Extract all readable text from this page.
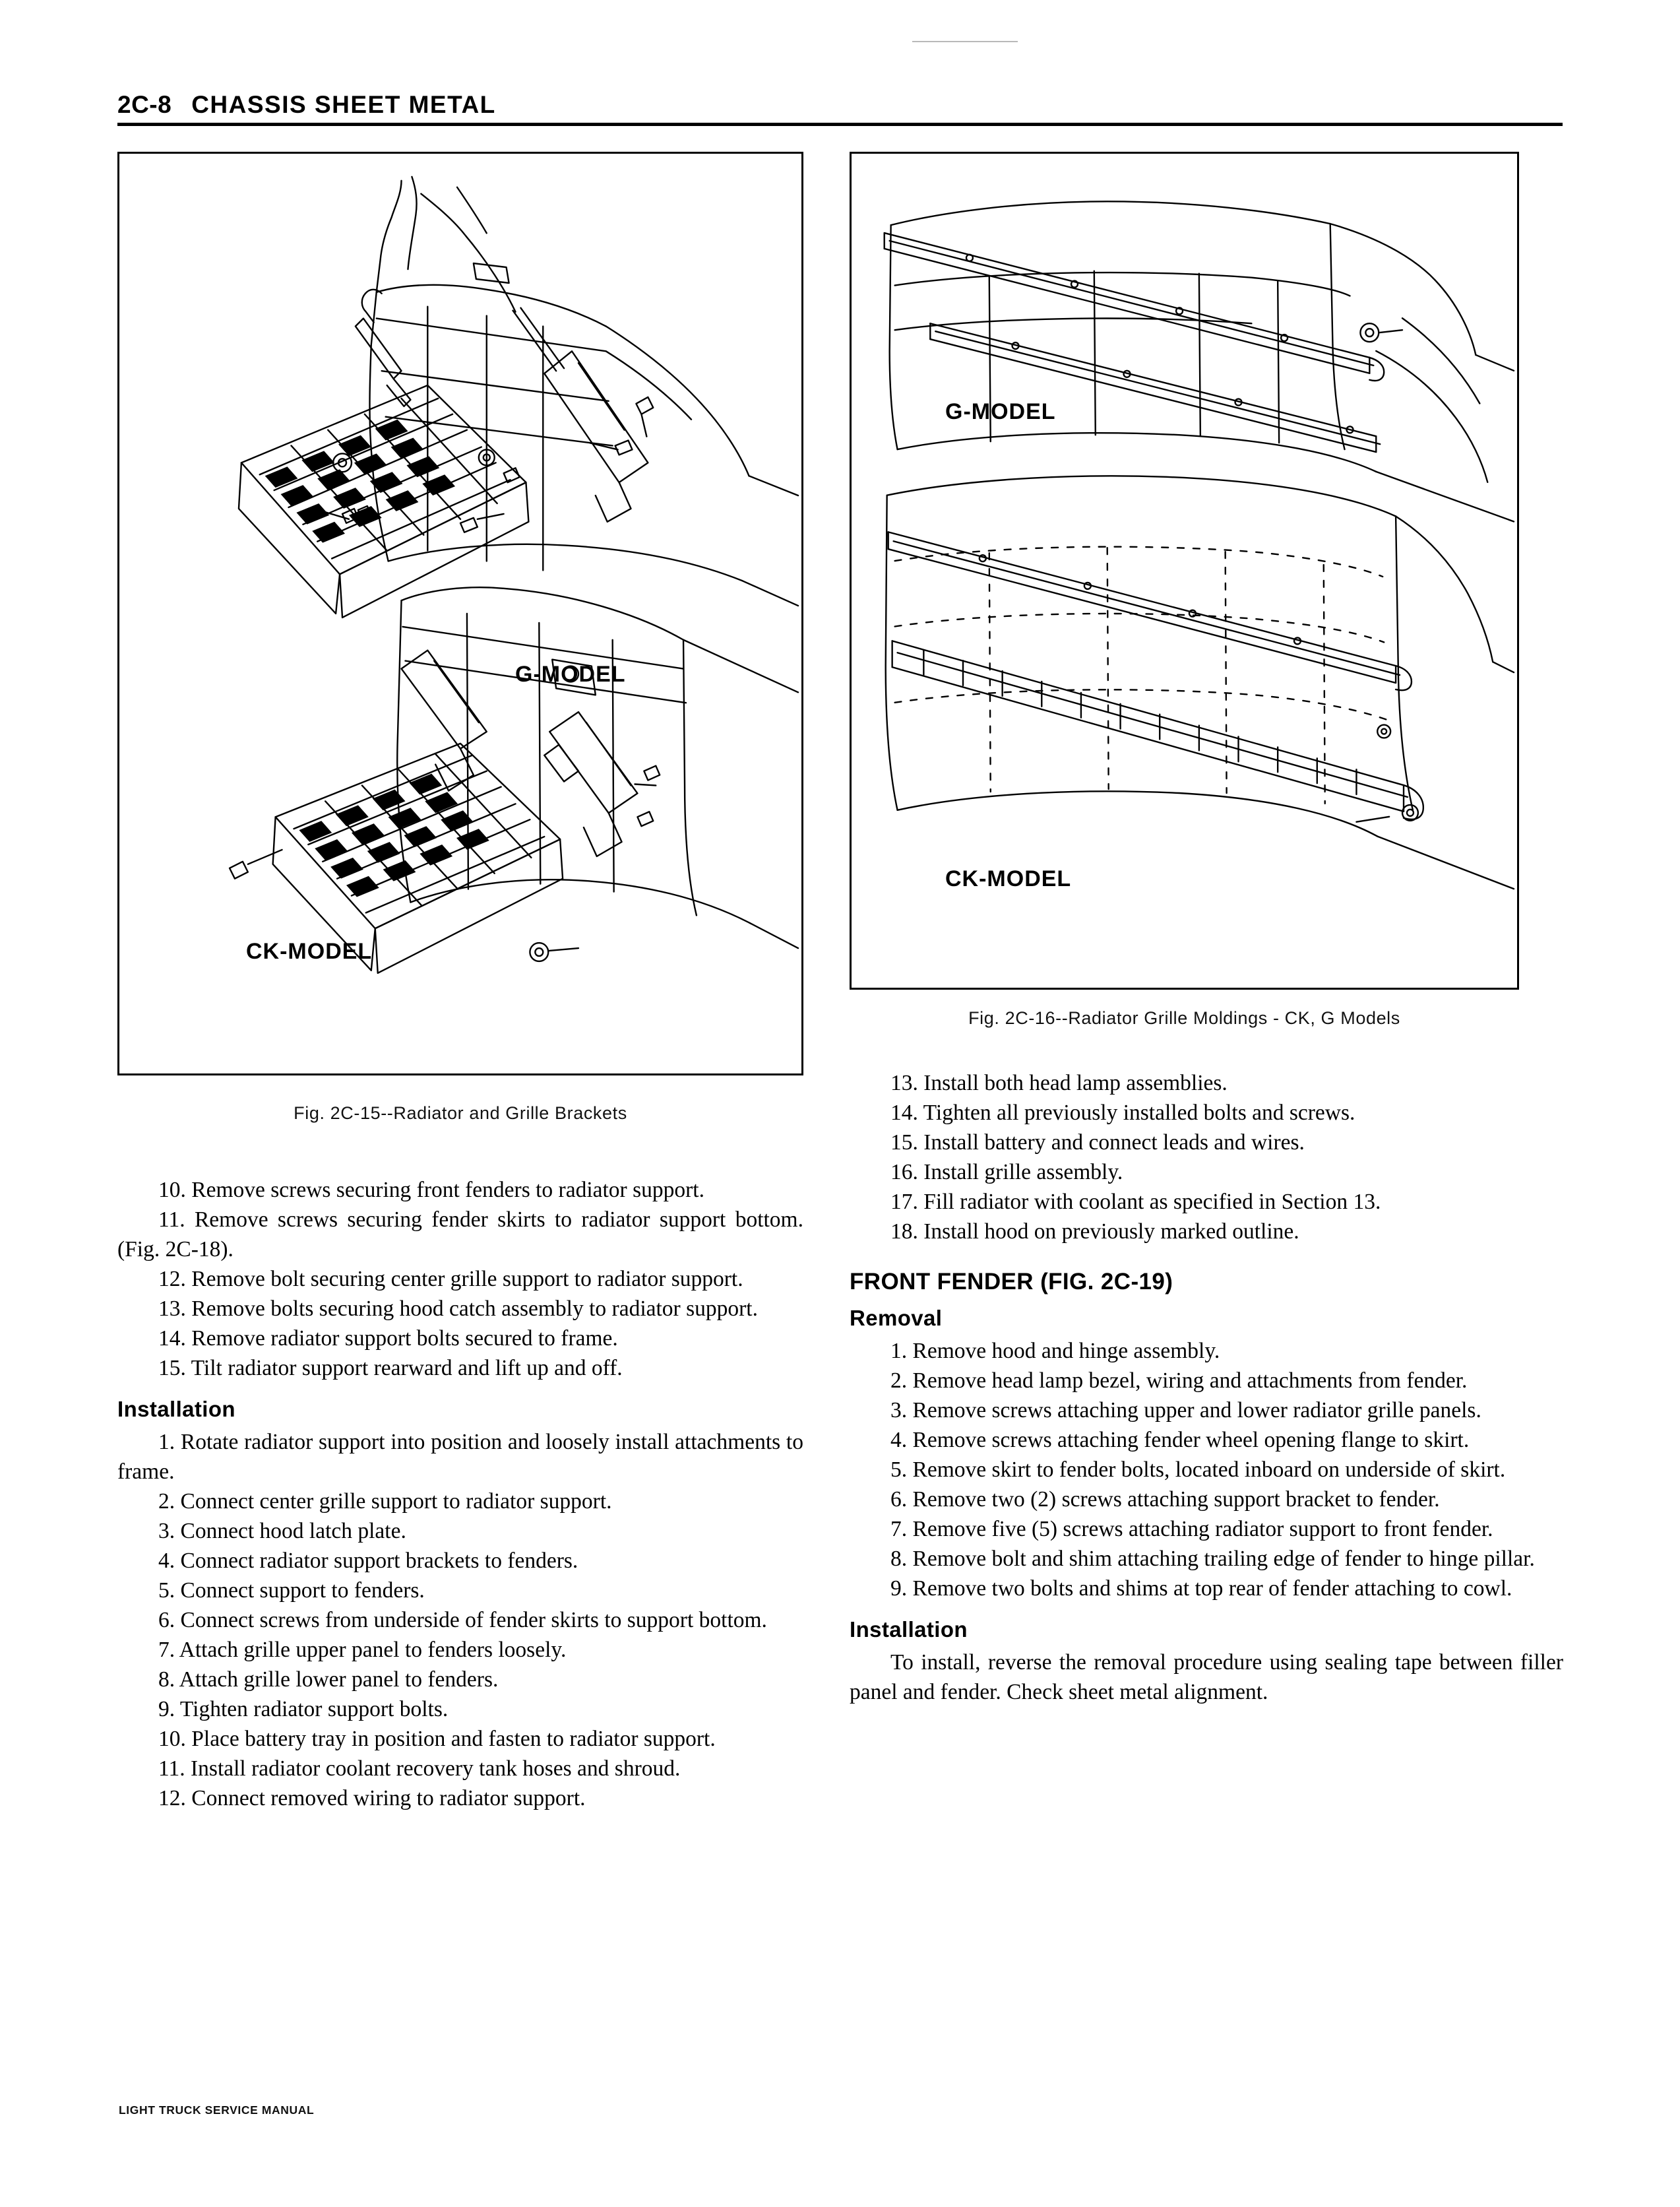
2C-8 CHASSIS SHEET METAL
G-MODEL
CK-MODEL
Fig. 2C-15--Radiator and Grille Brackets

10. Remove screws securing front fenders to radiator support.

11. Remove screws securing fender skirts to radiator support bottom. (Fig. 2C-18).

12. Remove bolt securing center grille support to radiator support.

13. Remove bolts securing hood catch assembly to radiator support.

14. Remove radiator support bolts secured to frame.

15. Tilt radiator support rearward and lift up and off.

Installation

1. Rotate radiator support into position and loosely install attachments to frame.

2. Connect center grille support to radiator support.

3. Connect hood latch plate.

4. Connect radiator support brackets to fenders.

5. Connect support to fenders.

6. Connect screws from underside of fender skirts to support bottom.

7. Attach grille upper panel to fenders loosely.

8. Attach grille lower panel to fenders.

9. Tighten radiator support bolts.

10. Place battery tray in position and fasten to radiator support.

11. Install radiator coolant recovery tank hoses and shroud.

12. Connect removed wiring to radiator support.

G-MODEL
CK-MODEL
Fig. 2C-16--Radiator Grille Moldings - CK, G Models

13. Install both head lamp assemblies.

14. Tighten all previously installed bolts and screws.

15. Install battery and connect leads and wires.

16. Install grille assembly.

17. Fill radiator with coolant as specified in Section 13.

18. Install hood on previously marked outline.

FRONT FENDER (FIG. 2C-19)
Removal

1. Remove hood and hinge assembly.

2. Remove head lamp bezel, wiring and attachments from fender.

3. Remove screws attaching upper and lower radiator grille panels.

4. Remove screws attaching fender wheel opening flange to skirt.

5. Remove skirt to fender bolts, located inboard on underside of skirt.

6. Remove two (2) screws attaching support bracket to fender.

7. Remove five (5) screws attaching radiator support to front fender.

8. Remove bolt and shim attaching trailing edge of fender to hinge pillar.

9. Remove two bolts and shims at top rear of fender attaching to cowl.

Installation

To install, reverse the removal procedure using sealing tape between filler panel and fender. Check sheet metal alignment.

LIGHT TRUCK SERVICE MANUAL
